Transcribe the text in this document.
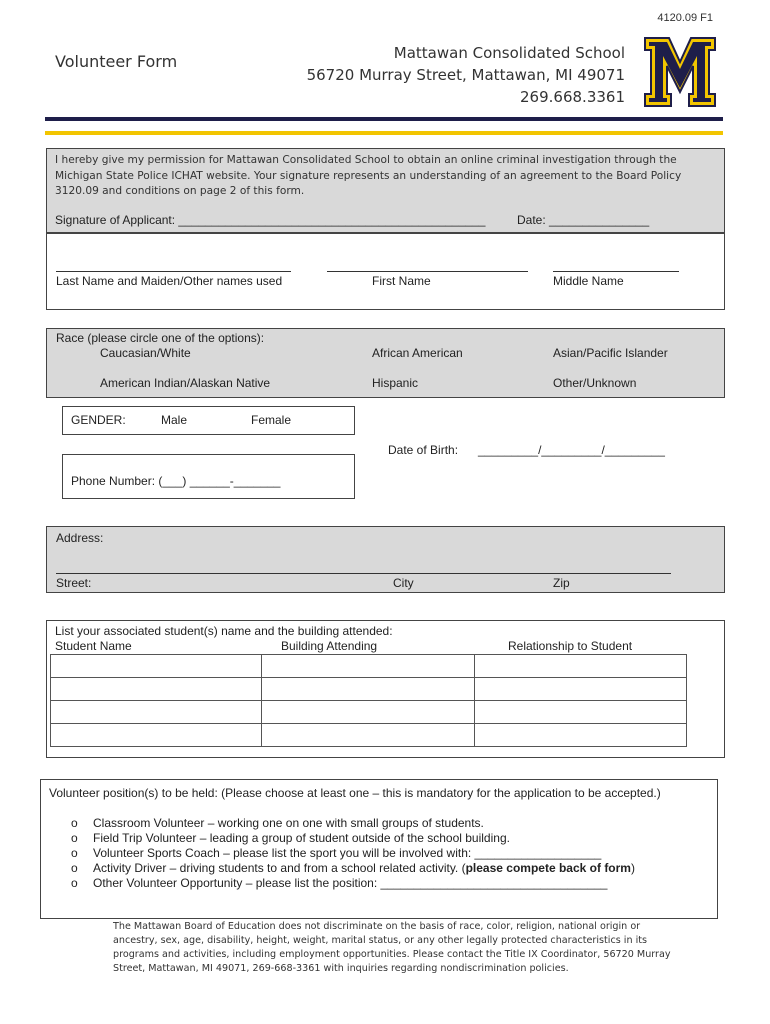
4120.09 F1
Volunteer Form	Mattawan Consolidated School
56720 Murray Street, Mattawan, MI 49071
269.668.3361
I hereby give my permission for Mattawan Consolidated School to obtain an online criminal investigation through the Michigan State Police ICHAT website. Your signature represents an understanding of an agreement to the Board Policy 3120.09 and conditions on page 2 of this form.
Signature of Applicant: ______________________________________________	Date: _______________
Last Name and Maiden/Other names used	First Name	Middle Name
Race (please circle one of the options):
Caucasian/White	African American	Asian/Pacific Islander
American Indian/Alaskan Native	Hispanic	Other/Unknown
GENDER:	Male	Female
Date of Birth: _________/_________/_________
Phone Number: (___) ______-_______
Address:
Street:	City	Zip
List your associated student(s) name and the building attended:
Student Name	Building Attending	Relationship to Student

Volunteer position(s) to be held: (Please choose at least one – this is mandatory for the application to be accepted.)
o Classroom Volunteer – working one on one with small groups of students.
o Field Trip Volunteer – leading a group of student outside of the school building.
o Volunteer Sports Coach – please list the sport you will be involved with: ___________________
o Activity Driver – driving students to and from a school related activity. (please compete back of form)
o Other Volunteer Opportunity – please list the position: __________________________________
The Mattawan Board of Education does not discriminate on the basis of race, color, religion, national origin or ancestry, sex, age, disability, height, weight, marital status, or any other legally protected characteristics in its programs and activities, including employment opportunities. Please contact the Title IX Coordinator, 56720 Murray Street, Mattawan, MI 49071, 269-668-3361 with inquiries regarding nondiscrimination policies.
